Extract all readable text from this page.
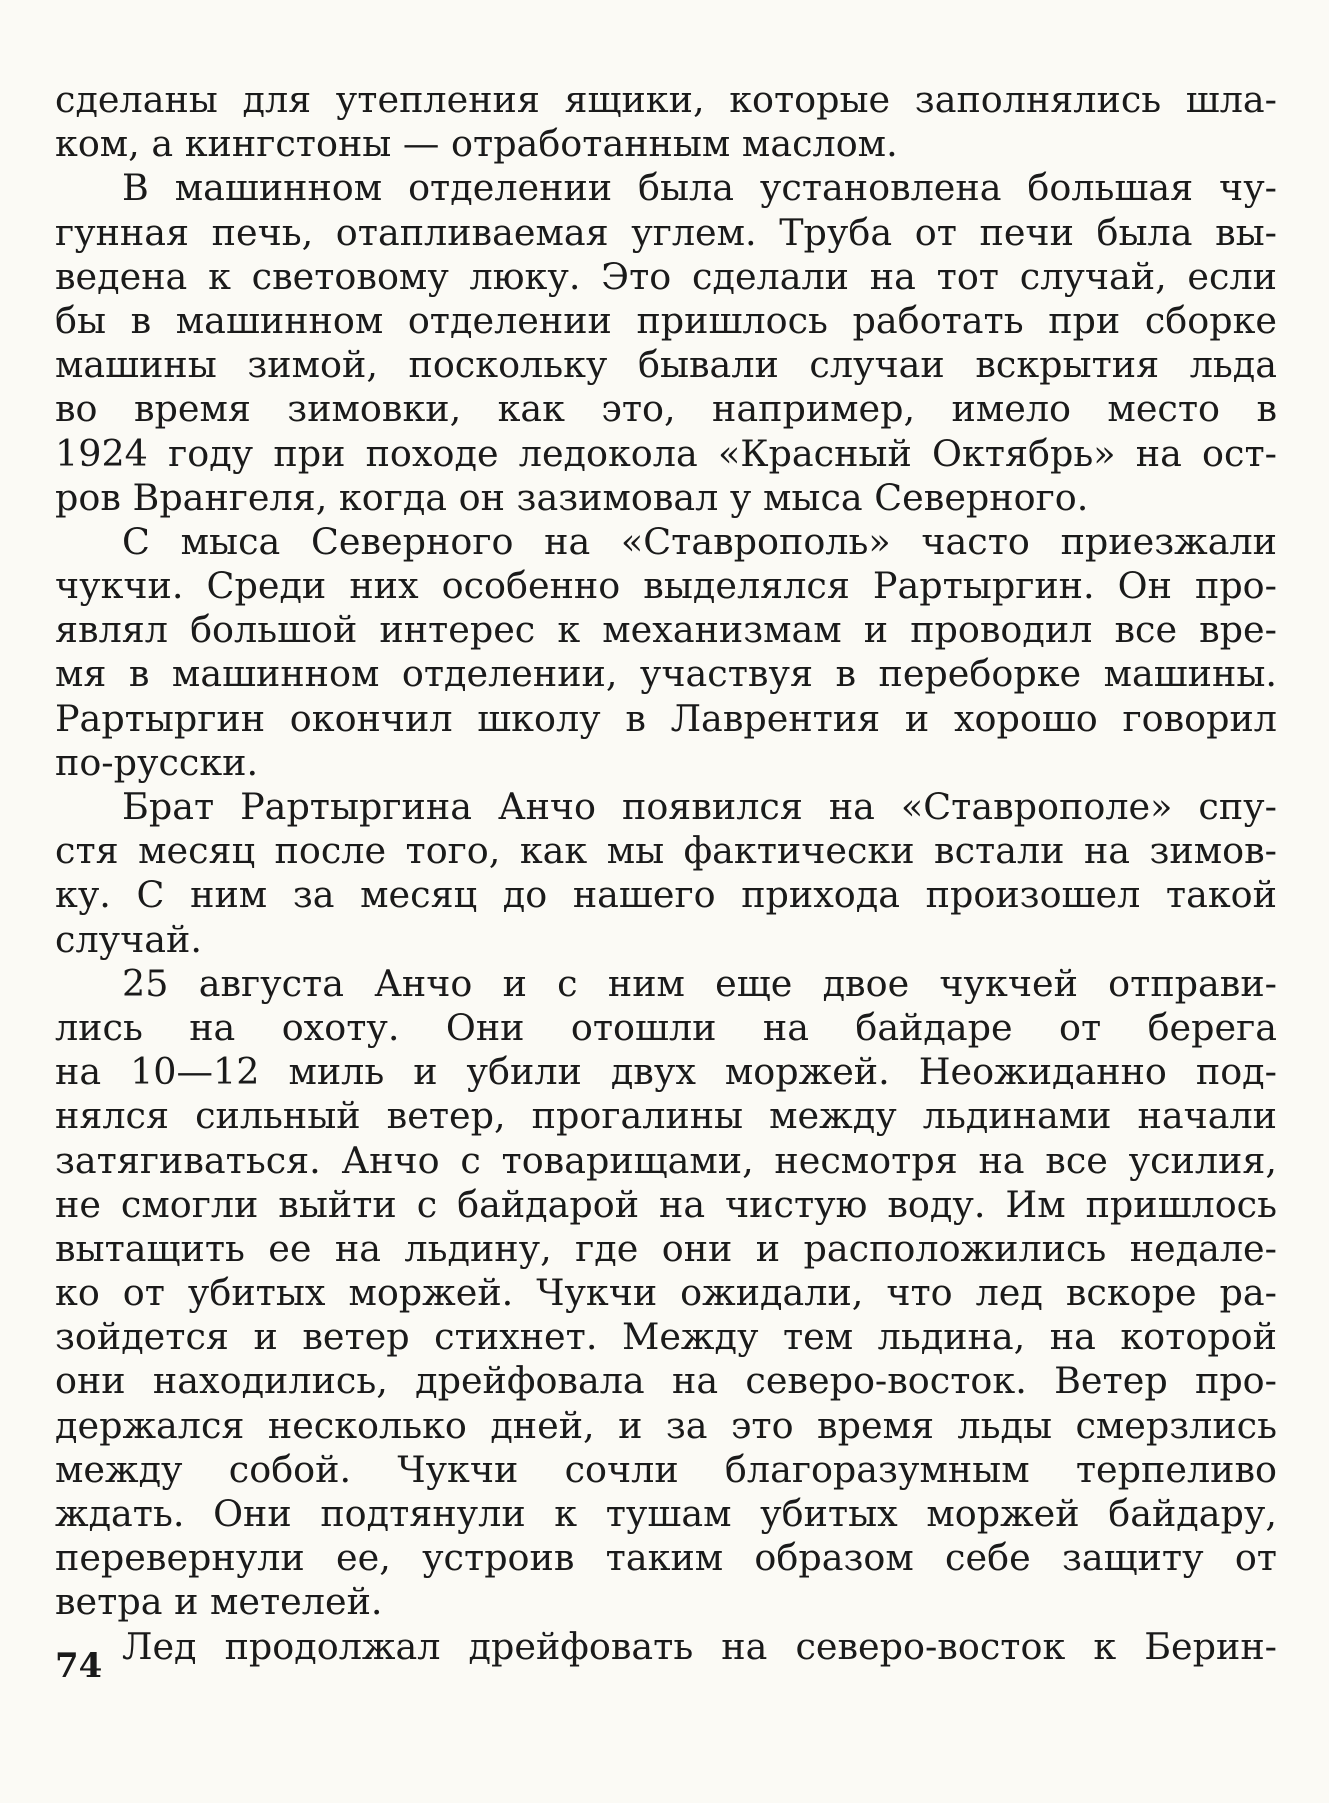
сделаны для утепления ящики, которые заполнялись шла-
ком, а кингстоны — отработанным маслом.
В машинном отделении была установлена большая чу-
гунная печь, отапливаемая углем. Труба от печи была вы-
ведена к световому люку. Это сделали на тот случай, если
бы в машинном отделении пришлось работать при сборке
машины зимой, поскольку бывали случаи вскрытия льда
во время зимовки, как это, например, имело место в
1924 году при походе ледокола «Красный Октябрь» на ост-
ров Врангеля, когда он зазимовал у мыса Северного.
С мыса Северного на «Ставрополь» часто приезжали
чукчи. Среди них особенно выделялся Рартыргин. Он про-
являл большой интерес к механизмам и проводил все вре-
мя в машинном отделении, участвуя в переборке машины.
Рартыргин окончил школу в Лаврентия и хорошо говорил
по-русски.
Брат Рартыргина Анчо появился на «Ставрополе» спу-
стя месяц после того, как мы фактически встали на зимов-
ку. С ним за месяц до нашего прихода произошел такой
случай.
25 августа Анчо и с ним еще двое чукчей отправи-
лись на охоту. Они отошли на байдаре от берега
на 10—12 миль и убили двух моржей. Неожиданно под-
нялся сильный ветер, прогалины между льдинами начали
затягиваться. Анчо с товарищами, несмотря на все усилия,
не смогли выйти с байдарой на чистую воду. Им пришлось
вытащить ее на льдину, где они и расположились недале-
ко от убитых моржей. Чукчи ожидали, что лед вскоре ра-
зойдется и ветер стихнет. Между тем льдина, на которой
они находились, дрейфовала на северо-восток. Ветер про-
держался несколько дней, и за это время льды смерзлись
между собой. Чукчи сочли благоразумным терпеливо
ждать. Они подтянули к тушам убитых моржей байдару,
перевернули ее, устроив таким образом себе защиту от
ветра и метелей.
Лед продолжал дрейфовать на северо-восток к Берин-
74
